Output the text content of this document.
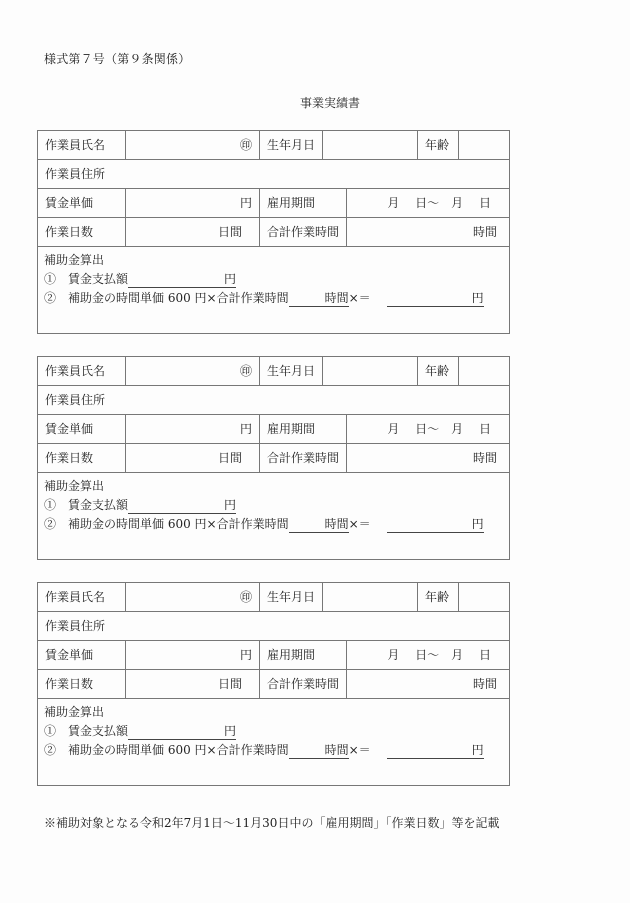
様式第７号（第９条関係）
事業実績書
作業員氏名	㊞	生年月日	年齢
作業員住所
賃金単価	円	雇用期間	月　 日～　月　 日
作業日数	日間	合計作業時間	時間
補助金算出
①　賃金支払額	円
②　補助金の時間単価 600 円×合計作業時間	時間×＝	円
作業員氏名	㊞	生年月日	年齢
作業員住所
賃金単価	円	雇用期間	月　 日～　月　 日
作業日数	日間	合計作業時間	時間
補助金算出
①　賃金支払額	円
②　補助金の時間単価 600 円×合計作業時間	時間×＝	円
作業員氏名	㊞	生年月日	年齢
作業員住所
賃金単価	円	雇用期間	月　 日～　月　 日
作業日数	日間	合計作業時間	時間
補助金算出
①　賃金支払額	円
②　補助金の時間単価 600 円×合計作業時間	時間×＝	円
※補助対象となる令和2年7月1日～11月30日中の「雇用期間」「作業日数」等を記載
